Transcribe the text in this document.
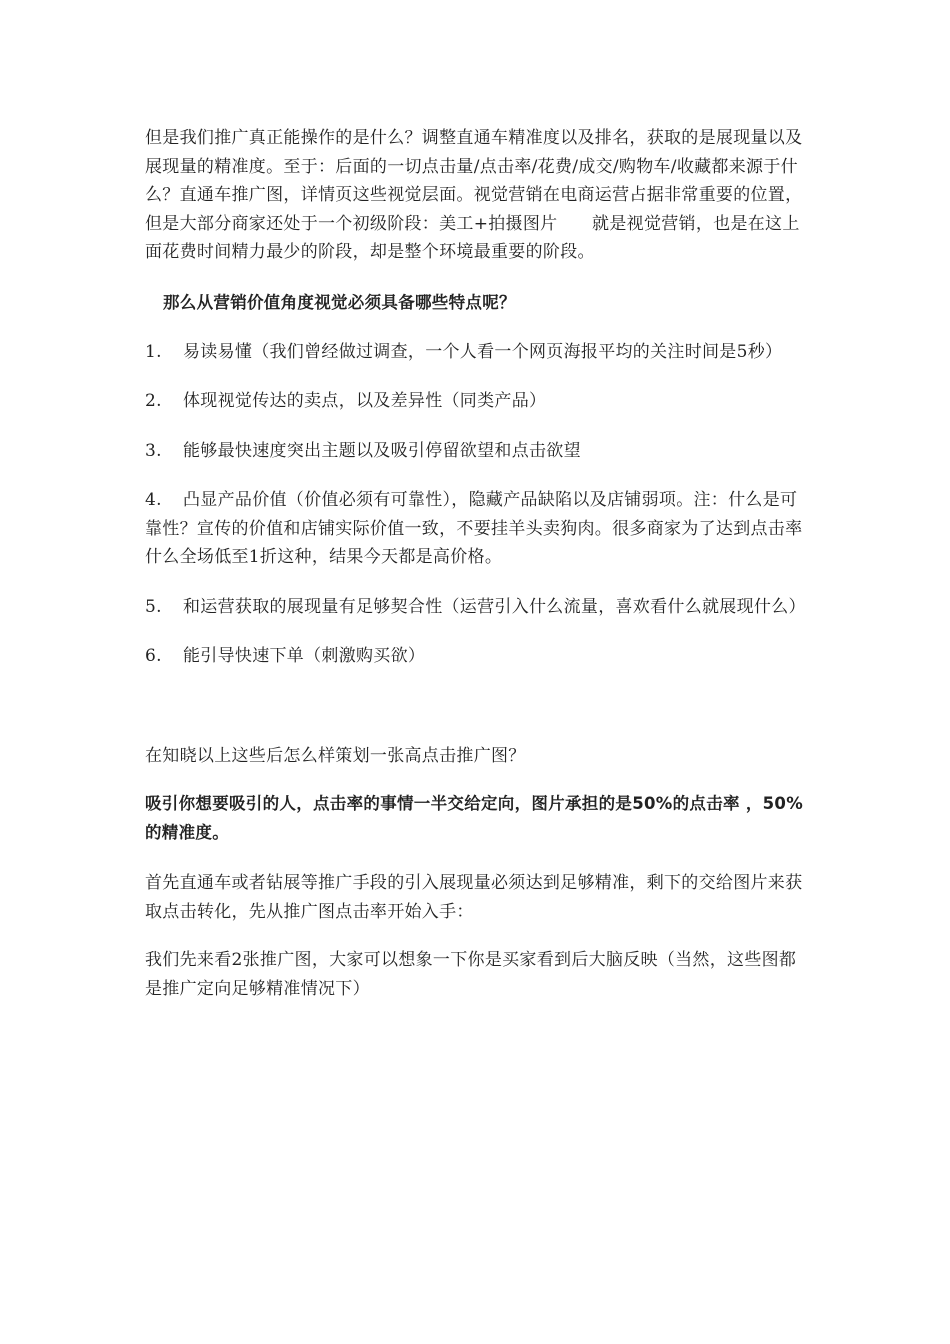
但是我们推广真正能操作的是什么？调整直通车精准度以及排名，获取的是展现量以及展现量的精准度。至于：后面的一切点击量/点击率/花费/成交/购物车/收藏都来源于什么？直通车推广图，详情页这些视觉层面。视觉营销在电商运营占据非常重要的位置，但是大部分商家还处于一个初级阶段：美工+拍摄图片　　就是视觉营销，也是在这上面花费时间精力最少的阶段，却是整个环境最重要的阶段。

那么从营销价值角度视觉必须具备哪些特点呢？

1. 易读易懂（我们曾经做过调查，一个人看一个网页海报平均的关注时间是5秒）

2. 体现视觉传达的卖点，以及差异性（同类产品）

3. 能够最快速度突出主题以及吸引停留欲望和点击欲望

4. 凸显产品价值（价值必须有可靠性），隐藏产品缺陷以及店铺弱项。注：什么是可靠性？宣传的价值和店铺实际价值一致，不要挂羊头卖狗肉。很多商家为了达到点击率什么全场低至1折这种，结果今天都是高价格。

5. 和运营获取的展现量有足够契合性（运营引入什么流量，喜欢看什么就展现什么）

6. 能引导快速下单（刺激购买欲）

在知晓以上这些后怎么样策划一张高点击推广图？

吸引你想要吸引的人，点击率的事情一半交给定向，图片承担的是50%的点击率 ，50%的精准度。

首先直通车或者钻展等推广手段的引入展现量必须达到足够精准，剩下的交给图片来获取点击转化，先从推广图点击率开始入手：

我们先来看2张推广图，大家可以想象一下你是买家看到后大脑反映（当然，这些图都是推广定向足够精准情况下）
